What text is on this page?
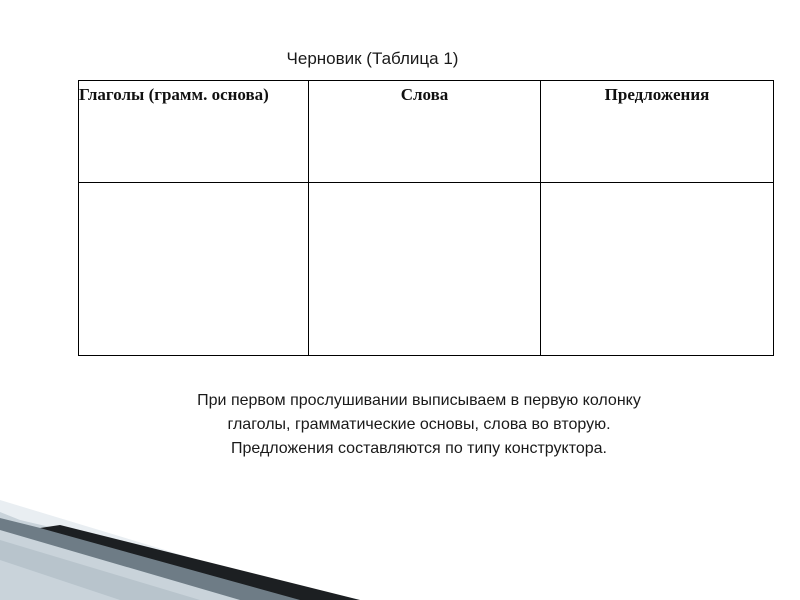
Черновик (Таблица 1)
Глаголы (грамм. основа)	Слова	Предложения

При первом прослушивании выписываем в первую колонку
глаголы, грамматические основы, слова во вторую.
Предложения составляются по типу конструктора.
